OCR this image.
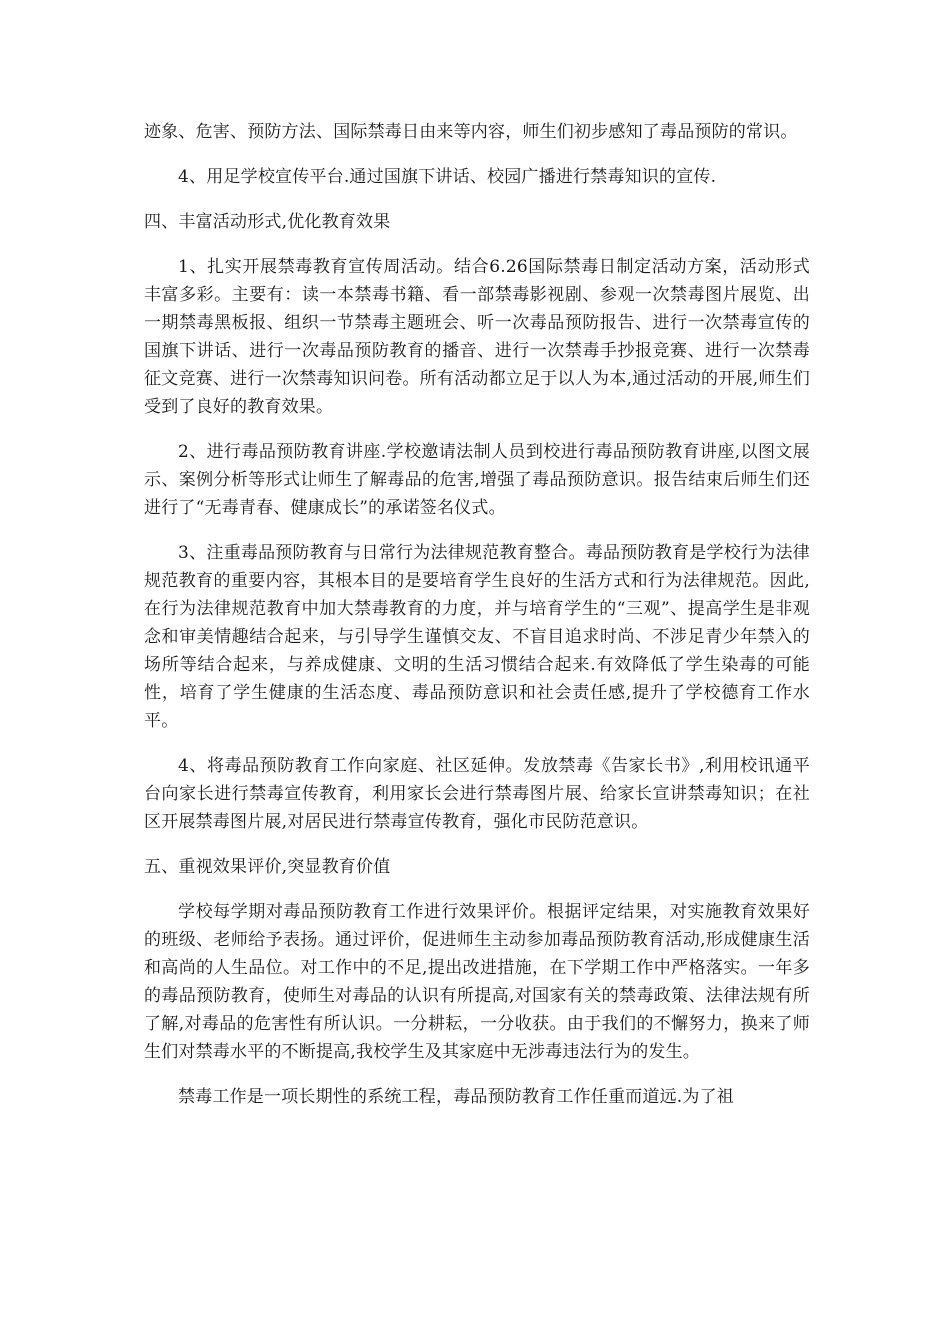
迹象、危害、预防方法、国际禁毒日由来等内容，师生们初步感知了毒品预防的常识。

4、用足学校宣传平台.通过国旗下讲话、校园广播进行禁毒知识的宣传.

四、丰富活动形式,优化教育效果

1、扎实开展禁毒教育宣传周活动。结合6.26国际禁毒日制定活动方案，活动形式丰富多彩。主要有：读一本禁毒书籍、看一部禁毒影视剧、参观一次禁毒图片展览、出一期禁毒黑板报、组织一节禁毒主题班会、听一次毒品预防报告、进行一次禁毒宣传的国旗下讲话、进行一次毒品预防教育的播音、进行一次禁毒手抄报竞赛、进行一次禁毒征文竞赛、进行一次禁毒知识问卷。所有活动都立足于以人为本,通过活动的开展,师生们受到了良好的教育效果。

2、进行毒品预防教育讲座.学校邀请法制人员到校进行毒品预防教育讲座,以图文展示、案例分析等形式让师生了解毒品的危害,增强了毒品预防意识。报告结束后师生们还进行了“无毒青春、健康成长”的承诺签名仪式。

3、注重毒品预防教育与日常行为法律规范教育整合。毒品预防教育是学校行为法律规范教育的重要内容，其根本目的是要培育学生良好的生活方式和行为法律规范。因此,在行为法律规范教育中加大禁毒教育的力度，并与培育学生的“三观”、提高学生是非观念和审美情趣结合起来，与引导学生谨慎交友、不盲目追求时尚、不涉足青少年禁入的场所等结合起来，与养成健康、文明的生活习惯结合起来.有效降低了学生染毒的可能性，培育了学生健康的生活态度、毒品预防意识和社会责任感,提升了学校德育工作水平。

4、将毒品预防教育工作向家庭、社区延伸。发放禁毒《告家长书》,利用校讯通平台向家长进行禁毒宣传教育，利用家长会进行禁毒图片展、给家长宣讲禁毒知识；在社区开展禁毒图片展,对居民进行禁毒宣传教育，强化市民防范意识。

五、重视效果评价,突显教育价值

学校每学期对毒品预防教育工作进行效果评价。根据评定结果，对实施教育效果好的班级、老师给予表扬。通过评价，促进师生主动参加毒品预防教育活动,形成健康生活和高尚的人生品位。对工作中的不足,提出改进措施，在下学期工作中严格落实。一年多的毒品预防教育，使师生对毒品的认识有所提高,对国家有关的禁毒政策、法律法规有所了解,对毒品的危害性有所认识。一分耕耘，一分收获。由于我们的不懈努力，换来了师生们对禁毒水平的不断提高,我校学生及其家庭中无涉毒违法行为的发生。

禁毒工作是一项长期性的系统工程，毒品预防教育工作任重而道远.为了祖
